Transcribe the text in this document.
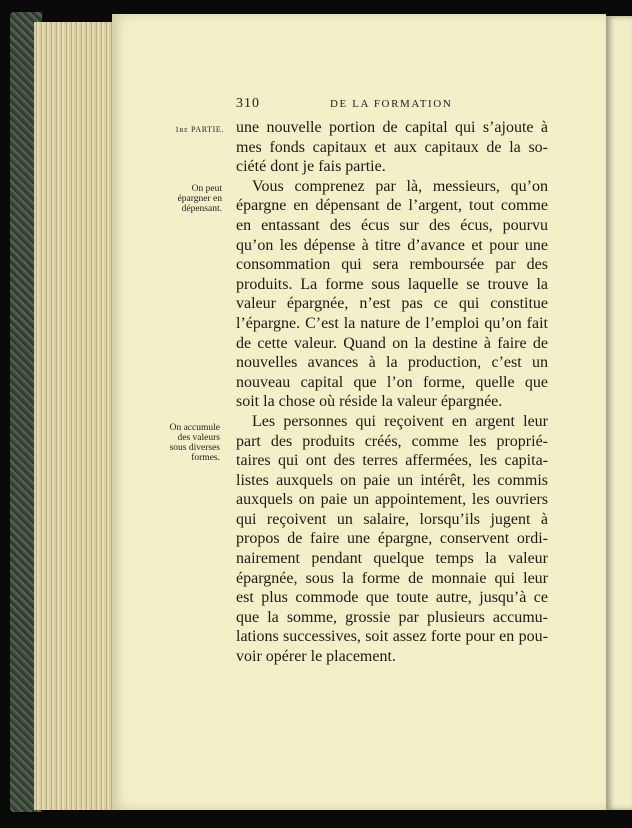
310	DE LA FORMATION
1re PARTIE.
On peut
épargner en
dépensant.
On accumule
des valeurs
sous diverses
formes.
une nouvelle portion de capital qui s’ajoute à
mes fonds capitaux et aux capitaux de la so-
ciété dont je fais partie.
Vous comprenez par là, messieurs, qu’on
épargne en dépensant de l’argent, tout comme
en entassant des écus sur des écus, pourvu
qu’on les dépense à titre d’avance et pour une
consommation qui sera remboursée par des
produits. La forme sous laquelle se trouve la
valeur épargnée, n’est pas ce qui constitue
l’épargne. C’est la nature de l’emploi qu’on fait
de cette valeur. Quand on la destine à faire de
nouvelles avances à la production, c’est un
nouveau capital que l’on forme, quelle que
soit la chose où réside la valeur épargnée.
Les personnes qui reçoivent en argent leur
part des produits créés, comme les proprié-
taires qui ont des terres affermées, les capita-
listes auxquels on paie un intérêt, les commis
auxquels on paie un appointement, les ouvriers
qui reçoivent un salaire, lorsqu’ils jugent à
propos de faire une épargne, conservent ordi-
nairement pendant quelque temps la valeur
épargnée, sous la forme de monnaie qui leur
est plus commode que toute autre, jusqu’à ce
que la somme, grossie par plusieurs accumu-
lations successives, soit assez forte pour en pou-
voir opérer le placement.
